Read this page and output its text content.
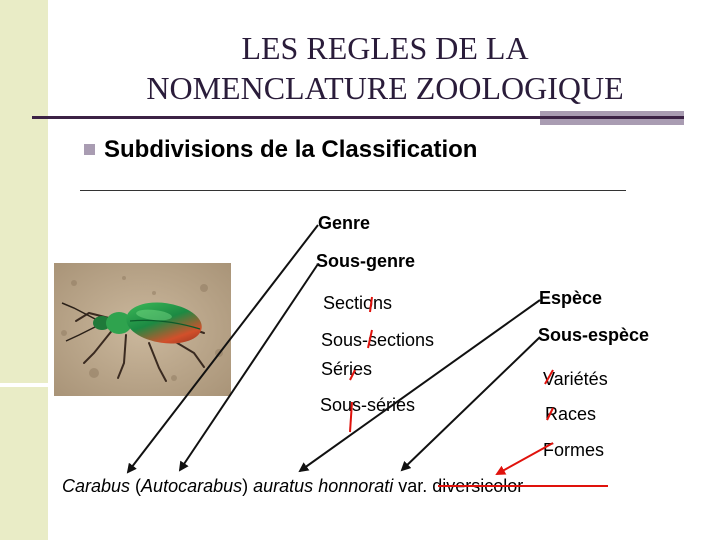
LES REGLES DE LA
NOMENCLATURE ZOOLOGIQUE
Subdivisions de la Classification
Genre
Sous-genre
Sections
Sous-sections
Séries
Sous-séries
Espèce
Sous-espèce
Variétés
Races
Formes
Carabus (Autocarabus) auratus honnorati var. diversicolor
